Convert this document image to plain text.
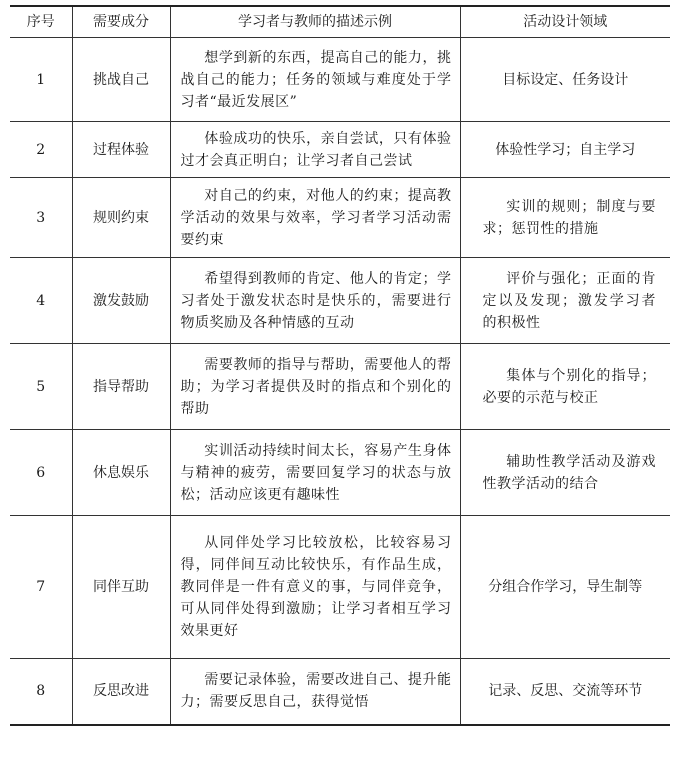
序号	需要成分	学习者与教师的描述示例	活动设计领域
1	挑战自己	想学到新的东西，提高自己的能力，挑战自己的能力；任务的领域与难度处于学习者“最近发展区”	目标设定、任务设计
2	过程体验	体验成功的快乐，亲自尝试，只有体验过才会真正明白；让学习者自己尝试	体验性学习；自主学习
3	规则约束	对自己的约束，对他人的约束；提高教学活动的效果与效率，学习者学习活动需要约束	实训的规则；制度与要求；惩罚性的措施
4	激发鼓励	希望得到教师的肯定、他人的肯定；学习者处于激发状态时是快乐的，需要进行物质奖励及各种情感的互动	评价与强化；正面的肯定以及发现；激发学习者的积极性
5	指导帮助	需要教师的指导与帮助，需要他人的帮助；为学习者提供及时的指点和个别化的帮助	集体与个别化的指导；必要的示范与校正
6	休息娱乐	实训活动持续时间太长，容易产生身体与精神的疲劳，需要回复学习的状态与放松；活动应该更有趣味性	辅助性教学活动及游戏性教学活动的结合
7	同伴互助	从同伴处学习比较放松，比较容易习得，同伴间互动比较快乐，有作品生成，教同伴是一件有意义的事，与同伴竞争，可从同伴处得到激励；让学习者相互学习效果更好	分组合作学习，导生制等
8	反思改进	需要记录体验，需要改进自己、提升能力；需要反思自己，获得觉悟	记录、反思、交流等环节
